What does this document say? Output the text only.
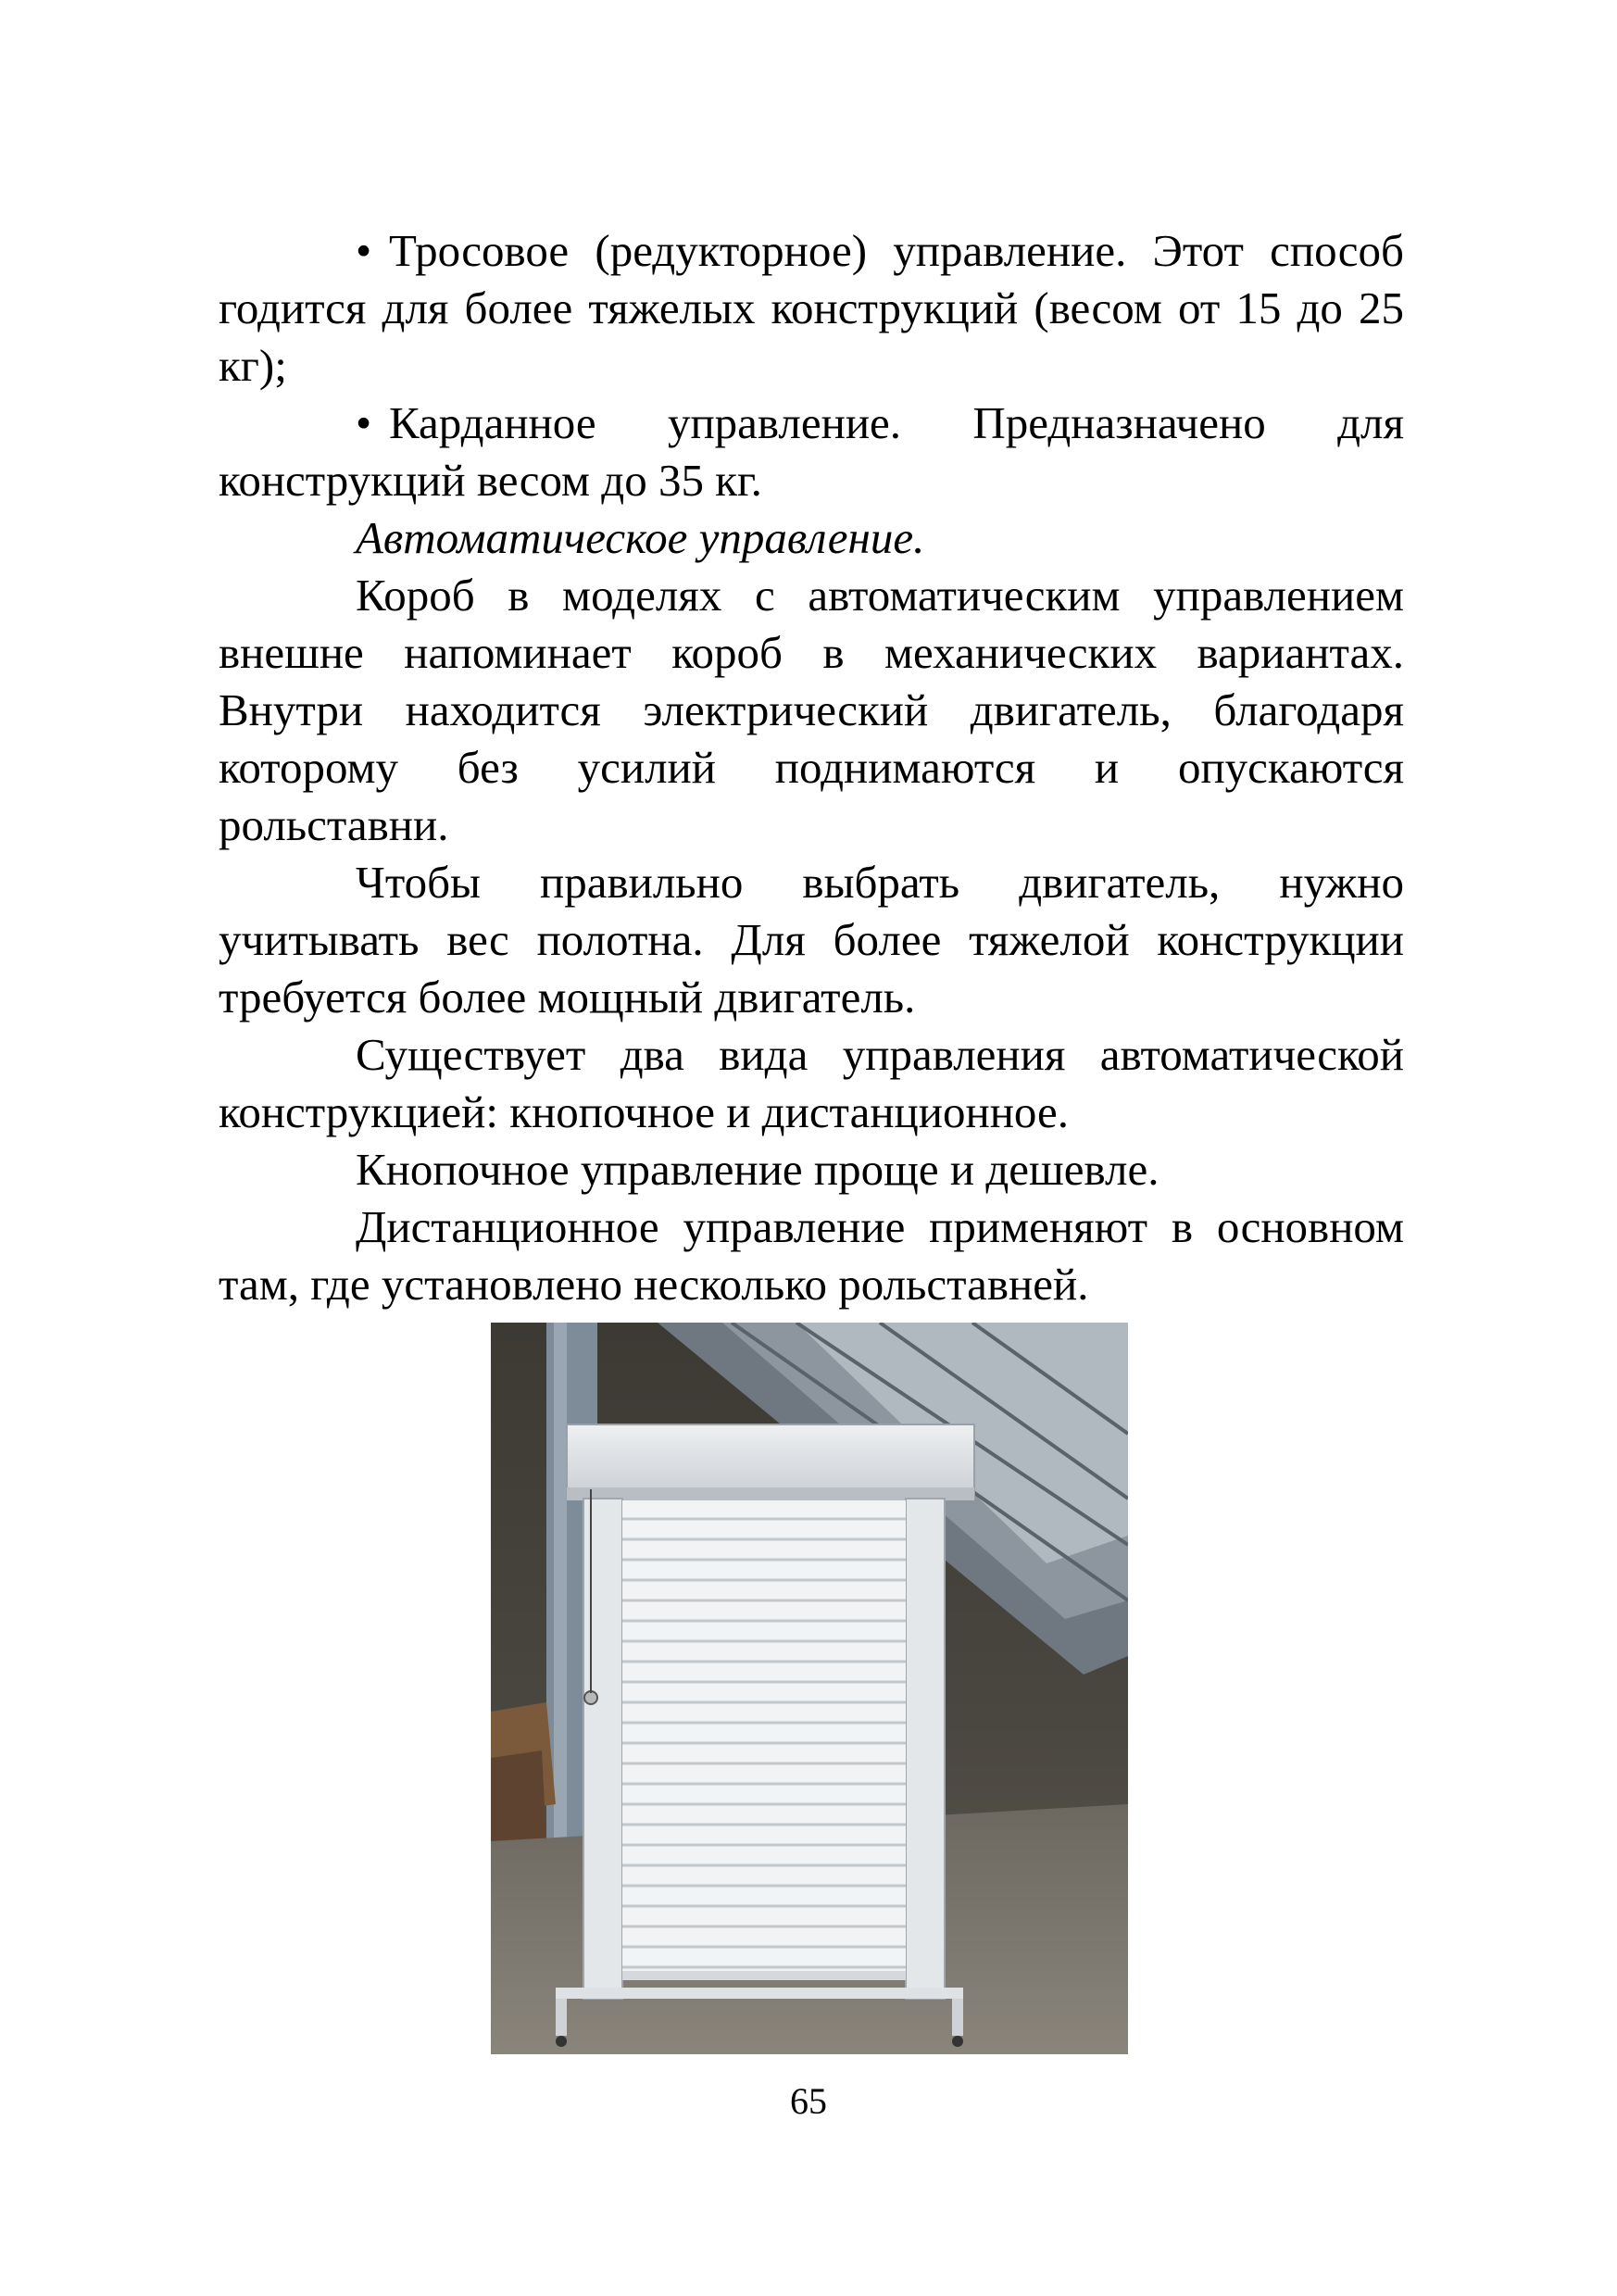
• Тросовое (редукторное) управление. Этот способ годится для более тяжелых конструкций (весом от 15 до 25 кг);

• Карданное управление. Предназначено для конструкций весом до 35 кг.

Автоматическое управление.

Короб в моделях с автоматическим управлением внешне напоминает короб в механических вариантах. Внутри находится электрический двигатель, благодаря которому без усилий поднимаются и опускаются рольставни.

Чтобы правильно выбрать двигатель, нужно учитывать вес полотна. Для более тяжелой конструкции требуется более мощный двигатель.

Существует два вида управления автоматической конструкцией: кнопочное и дистанционное.

Кнопочное управление проще и дешевле.

Дистанционное управление применяют в основном там, где установлено несколько рольставней.

65
